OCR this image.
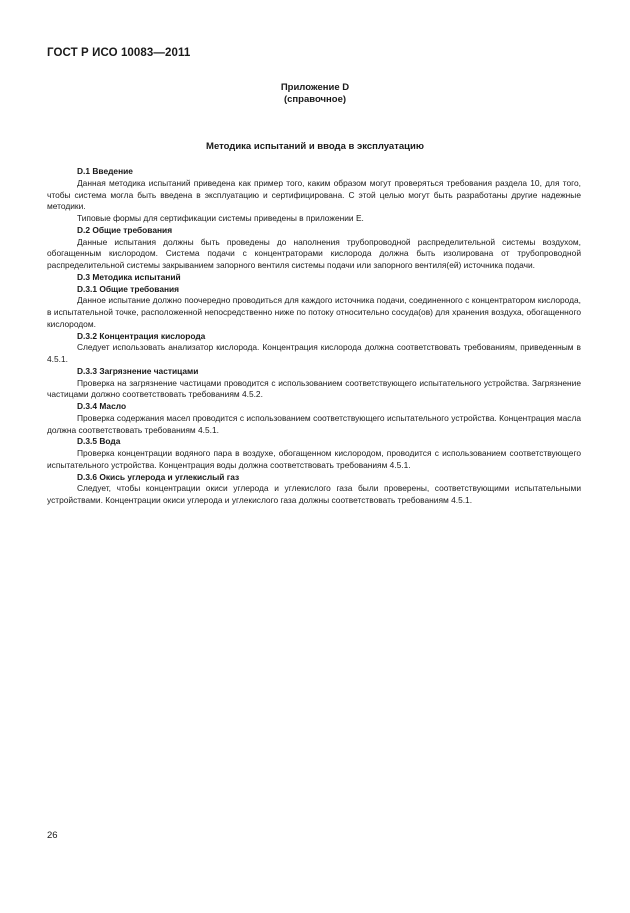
ГОСТ Р ИСО 10083—2011
Приложение D
(справочное)
Методика испытаний и ввода в эксплуатацию

D.1 Введение

Данная методика испытаний приведена как пример того, каким образом могут проверяться требования раздела 10, для того, чтобы система могла быть введена в эксплуатацию и сертифицирована. С этой целью могут быть разработаны другие надежные методики.

Типовые формы для сертификации системы приведены в приложении E.

D.2 Общие требования

Данные испытания должны быть проведены до наполнения трубопроводной распределительной системы воздухом, обогащенным кислородом. Система подачи с концентраторами кислорода должна быть изолирована от трубопроводной распределительной системы закрыванием запорного вентиля системы подачи или запорного вентиля(ей) источника подачи.

D.3 Методика испытаний

D.3.1 Общие требования

Данное испытание должно поочередно проводиться для каждого источника подачи, соединенного с концентратором кислорода, в испытательной точке, расположенной непосредственно ниже по потоку относительно сосуда(ов) для хранения воздуха, обогащенного кислородом.

D.3.2 Концентрация кислорода

Следует использовать анализатор кислорода. Концентрация кислорода должна соответствовать требованиям, приведенным в 4.5.1.

D.3.3 Загрязнение частицами

Проверка на загрязнение частицами проводится с использованием соответствующего испытательного устройства. Загрязнение частицами должно соответствовать требованиям 4.5.2.

D.3.4 Масло

Проверка содержания масел проводится с использованием соответствующего испытательного устройства. Концентрация масла должна соответствовать требованиям 4.5.1.

D.3.5 Вода

Проверка концентрации водяного пара в воздухе, обогащенном кислородом, проводится с использованием соответствующего испытательного устройства. Концентрация воды должна соответствовать требованиям 4.5.1.

D.3.6 Окись углерода и углекислый газ

Следует, чтобы концентрации окиси углерода и углекислого газа были проверены, соответствующими испытательными устройствами. Концентрации окиси углерода и углекислого газа должны соответствовать требованиям 4.5.1.

26
